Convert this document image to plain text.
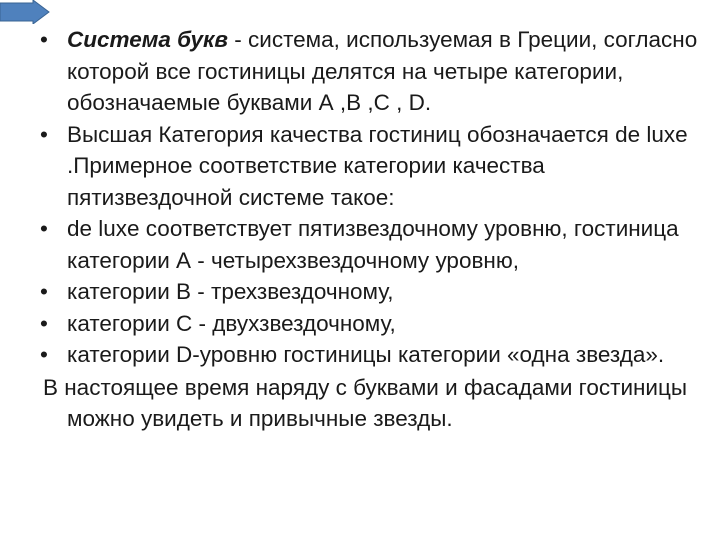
• Система букв - система, используемая в Греции, согласно которой все гостиницы делятся на четыре категории, обозначаемые буквами А ,В ,С , D.
• Высшая Категория качества гостиниц обозначается de luxe .Примерное соответствие категории качества пятизвездочной системе такое:
• de luxe соответствует пятизвездочному уровню, гостиница категории А - четырехзвездочному уровню,
• категории В - трехзвездочному,
• категории С - двухзвездочному,
• категории D-уровню гостиницы категории «одна звезда».
В настоящее время наряду с буквами и фасадами гостиницы можно увидеть и привычные звезды.
